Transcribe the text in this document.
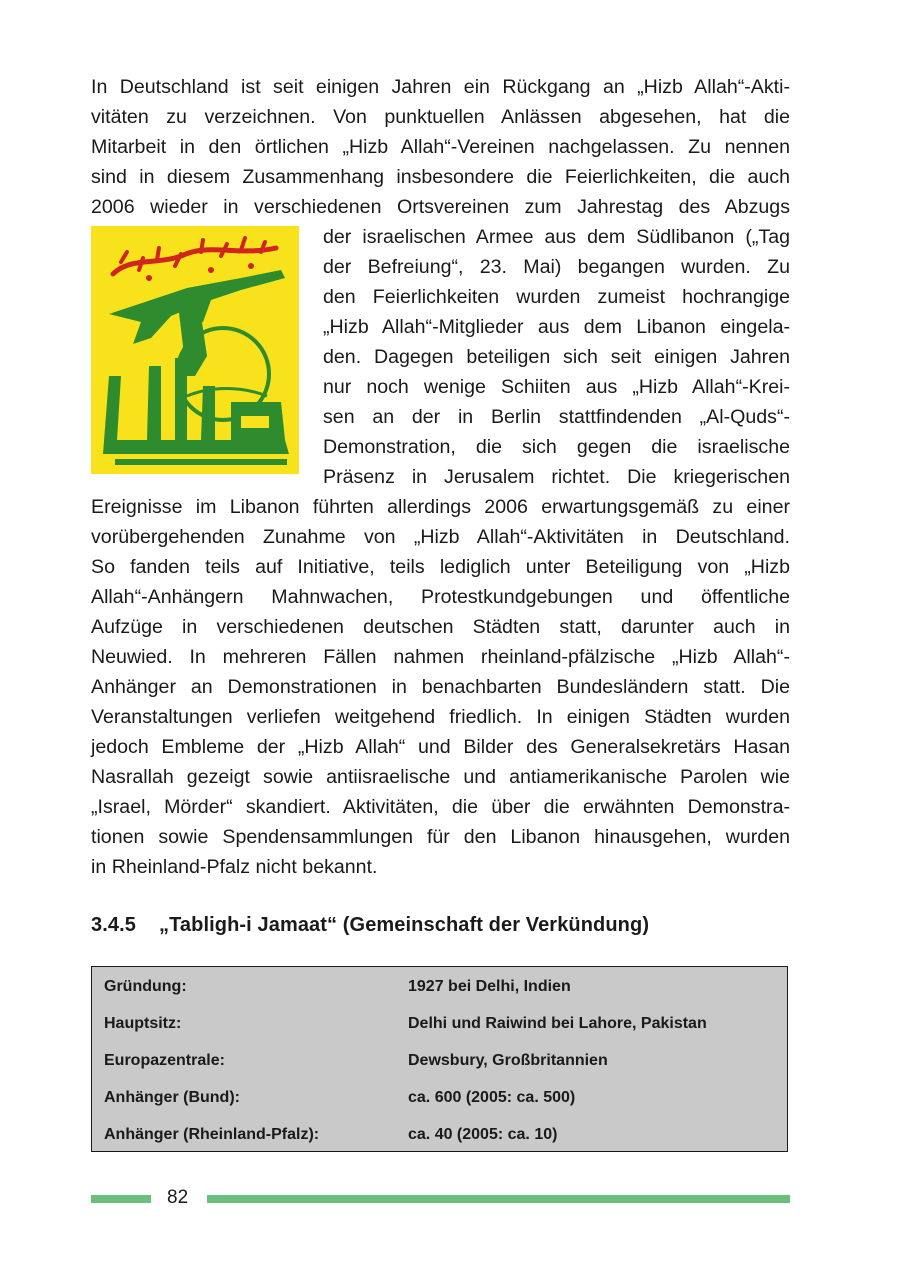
In Deutschland ist seit einigen Jahren ein Rückgang an „Hizb Allah“-Akti-
vitäten zu verzeichnen. Von punktuellen Anlässen abgesehen, hat die
Mitarbeit in den örtlichen „Hizb Allah“-Vereinen nachgelassen. Zu nennen
sind in diesem Zusammenhang insbesondere die Feierlichkeiten, die auch
2006 wieder in verschiedenen Ortsvereinen zum Jahrestag des Abzugs
der israelischen Armee aus dem Südlibanon („Tag
der Befreiung“, 23. Mai) begangen wurden. Zu
den Feierlichkeiten wurden zumeist hochrangige
„Hizb Allah“-Mitglieder aus dem Libanon eingela-
den. Dagegen beteiligen sich seit einigen Jahren
nur noch wenige Schiiten aus „Hizb Allah“-Krei-
sen an der in Berlin stattfindenden „Al-Quds“-
Demonstration, die sich gegen die israelische
Präsenz in Jerusalem richtet. Die kriegerischen
Ereignisse im Libanon führten allerdings 2006 erwartungsgemäß zu einer
vorübergehenden Zunahme von „Hizb Allah“-Aktivitäten in Deutschland.
So fanden teils auf Initiative, teils lediglich unter Beteiligung von „Hizb
Allah“-Anhängern Mahnwachen, Protestkundgebungen und öffentliche
Aufzüge in verschiedenen deutschen Städten statt, darunter auch in
Neuwied. In mehreren Fällen nahmen rheinland-pfälzische „Hizb Allah“-
Anhänger an Demonstrationen in benachbarten Bundesländern statt. Die
Veranstaltungen verliefen weitgehend friedlich. In einigen Städten wurden
jedoch Embleme der „Hizb Allah“ und Bilder des Generalsekretärs Hasan
Nasrallah gezeigt sowie antiisraelische und antiamerikanische Parolen wie
„Israel, Mörder“ skandiert. Aktivitäten, die über die erwähnten Demonstra-
tionen sowie Spendensammlungen für den Libanon hinausgehen, wurden
in Rheinland-Pfalz nicht bekannt.
3.4.5 „Tabligh-i Jamaat“ (Gemeinschaft der Verkündung)
Gründung:	1927 bei Delhi, Indien
Hauptsitz:	Delhi und Raiwind bei Lahore, Pakistan
Europazentrale:	Dewsbury, Großbritannien
Anhänger (Bund):	ca. 600 (2005: ca. 500)
Anhänger (Rheinland-Pfalz):	ca. 40 (2005: ca. 10)
82
